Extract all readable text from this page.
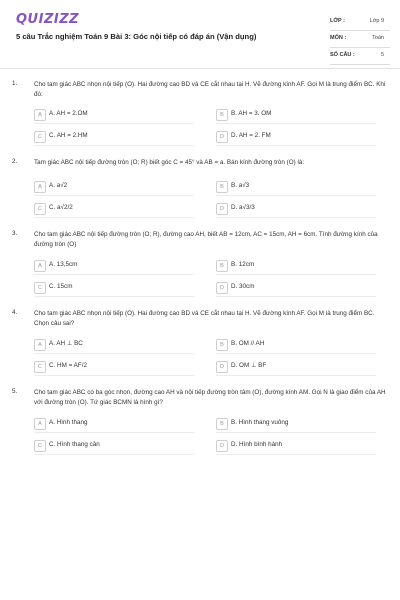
QUIZIZZ
5 câu Trắc nghiệm Toán 9 Bài 3: Góc nội tiếp có đáp án (Vận dụng)
LỚP :	Lớp 9
MÔN :	Toán
SỐ CÂU :	5
1.	Cho tam giác ABC nhọn nội tiếp (O). Hai đường cao BD và CE cắt nhau tại H. Vẽ đường kính AF. Gọi M là trung điểm BC. Khi đó:
A	A. AH = 2.OM	B	B. AH = 3. OM
C	C. AH = 2.HM	D	D. AH = 2. FM
2.	Tam giác ABC nội tiếp đường tròn (O; R) biết góc C = 45° và AB = a. Bán kính đường tròn (O) là:
A	A. a√2	B	B. a√3
C	C. a√2/2	D	D. a√3/3
3.	Cho tam giác ABC nội tiếp đường tròn (O; R), đường cao AH, biết AB = 12cm, AC = 15cm, AH = 6cm. Tính đường kính của đường tròn (O)
A	A. 13,5cm	B	B. 12cm
C	C. 15cm	D	D. 30cm
4.	Cho tam giác ABC nhọn nội tiếp (O). Hai đường cao BD và CE cắt nhau tại H. Vẽ đường kính AF. Gọi M là trung điểm BC. Chọn câu sai?
A	A. AH ⊥ BC	B	B. OM // AH
C	C. HM = AF/2	D	D. OM ⊥ BF
5.	Cho tam giác ABC có ba góc nhọn, đường cao AH và nội tiếp đường tròn tâm (O), đường kính AM. Gọi N là giao điểm của AH với đường tròn (O). Tứ giác BCMN là hình gì?
A	A. Hình thang	B	B. Hình thang vuông
C	C. Hình thang cân	D	D. Hình bình hành
